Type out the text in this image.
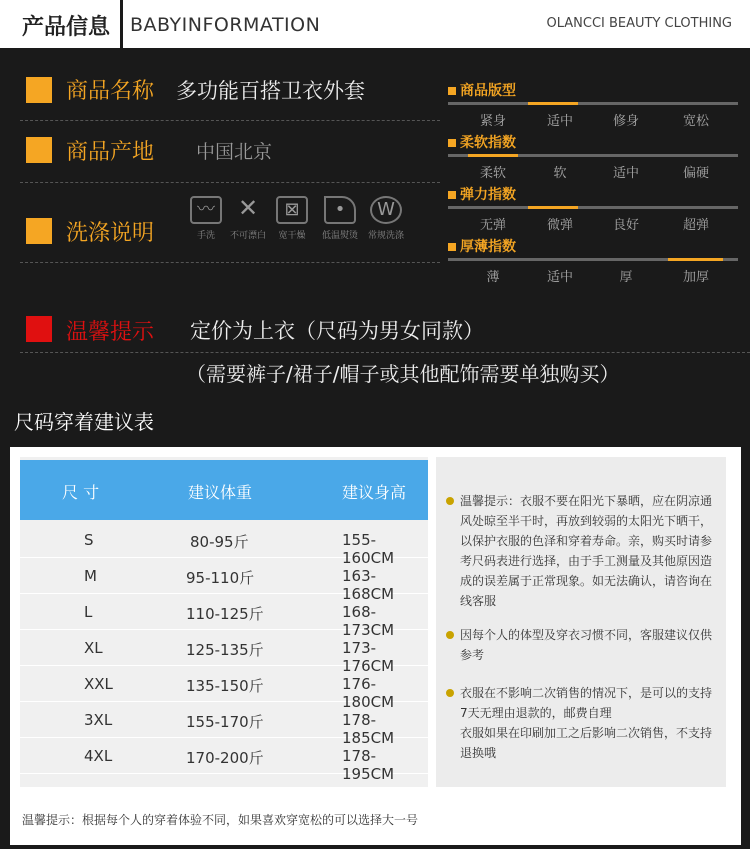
产品信息 BABYINFORMATION	OLANCCI BEAUTY CLOTHING
商品名称 多功能百搭卫衣外套
商品产地 中国北京
洗涤说明
〰
手洗
✕
不可漂白
⊠
宽干燥
•
低温熨烫
W
常规洗涤
商品版型
紧身	适中	修身	宽松
柔软指数
柔软	软	适中	偏硬
弹力指数
无弹	微弹	良好	超弹
厚薄指数
薄	适中	厚	加厚
温馨提示 定价为上衣（尺码为男女同款）
（需要裤子/裙子/帽子或其他配饰需要单独购买）
尺码穿着建议表
尺 寸	建议体重	建议身高
S	80-95斤	155-160CM
M	95-110斤	163-168CM
L	110-125斤	168-173CM
XL	125-135斤	173-176CM
XXL	135-150斤	176-180CM
3XL	155-170斤	178-185CM
4XL	170-200斤	178-195CM
温馨提示：衣服不要在阳光下暴晒，应在阴凉通风处晾至半干时，再放到较弱的太阳光下晒干，以保护衣服的色泽和穿着寿命。亲，购买时请参考尺码表进行选择，由于手工测量及其他原因造成的误差属于正常现象。如无法确认，请咨询在线客服
因每个人的体型及穿衣习惯不同，客服建议仅供参考
衣服在不影响二次销售的情况下，是可以的支持7天无理由退款的，邮费自理
衣服如果在印刷加工之后影响二次销售，不支持退换哦
温馨提示：根据每个人的穿着体验不同，如果喜欢穿宽松的可以选择大一号
